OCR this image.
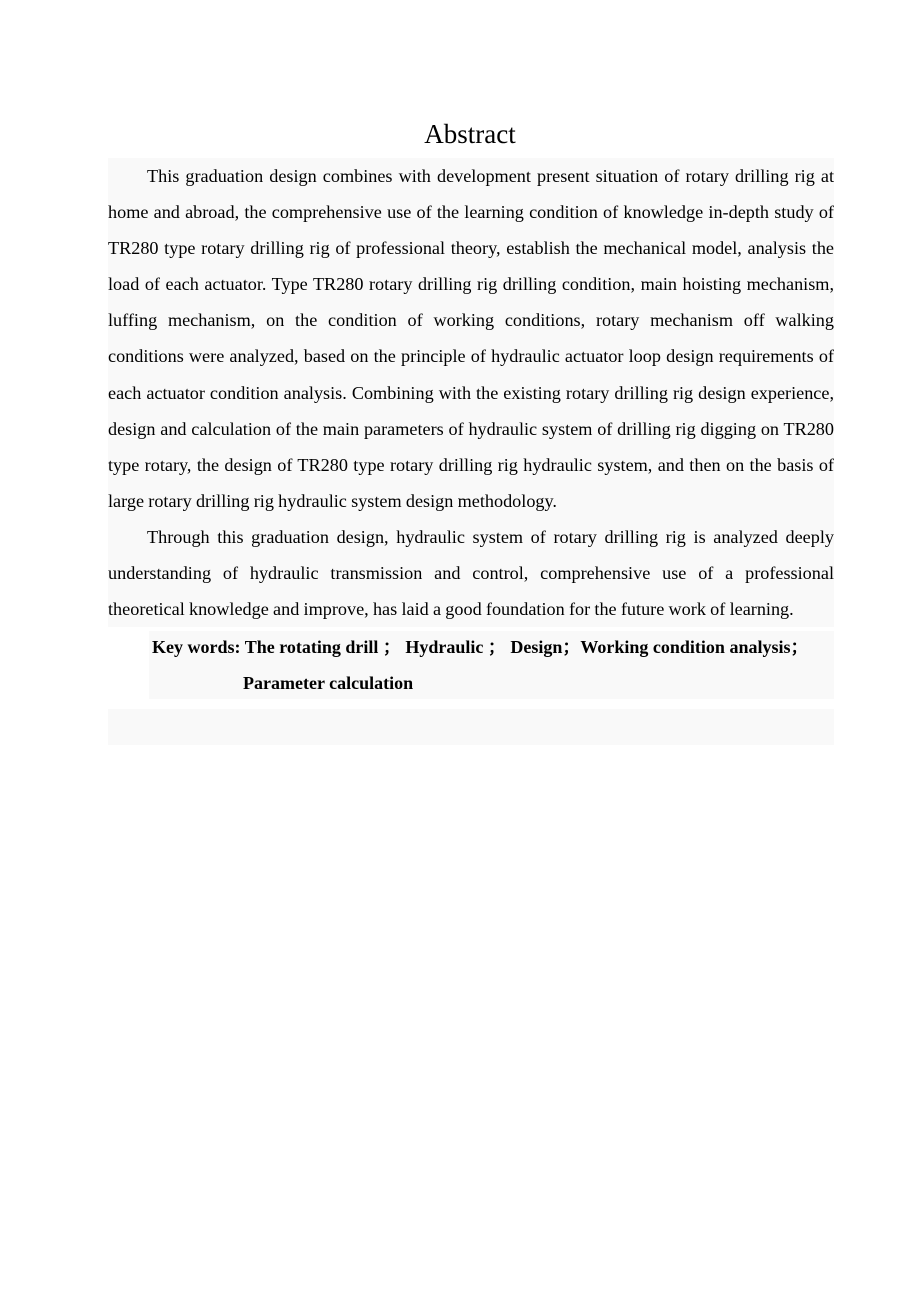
Abstract

This graduation design combines with development present situation of rotary drilling rig at home and abroad, the comprehensive use of the learning condition of knowledge in-depth study of TR280 type rotary drilling rig of professional theory, establish the mechanical model, analysis the load of each actuator. Type TR280 rotary drilling rig drilling condition, main hoisting mechanism, luffing mechanism, on the condition of working conditions, rotary mechanism off walking conditions were analyzed, based on the principle of hydraulic actuator loop design requirements of each actuator condition analysis. Combining with the existing rotary drilling rig design experience, design and calculation of the main parameters of hydraulic system of drilling rig digging on TR280 type rotary, the design of TR280 type rotary drilling rig hydraulic system, and then on the basis of large rotary drilling rig hydraulic system design methodology.

Through this graduation design, hydraulic system of rotary drilling rig is analyzed deeply understanding of hydraulic transmission and control, comprehensive use of a professional theoretical knowledge and improve, has laid a good foundation for the future work of learning.

Key words: The rotating drill ； Hydraulic ； Design；Working condition analysis；
Parameter calculation
